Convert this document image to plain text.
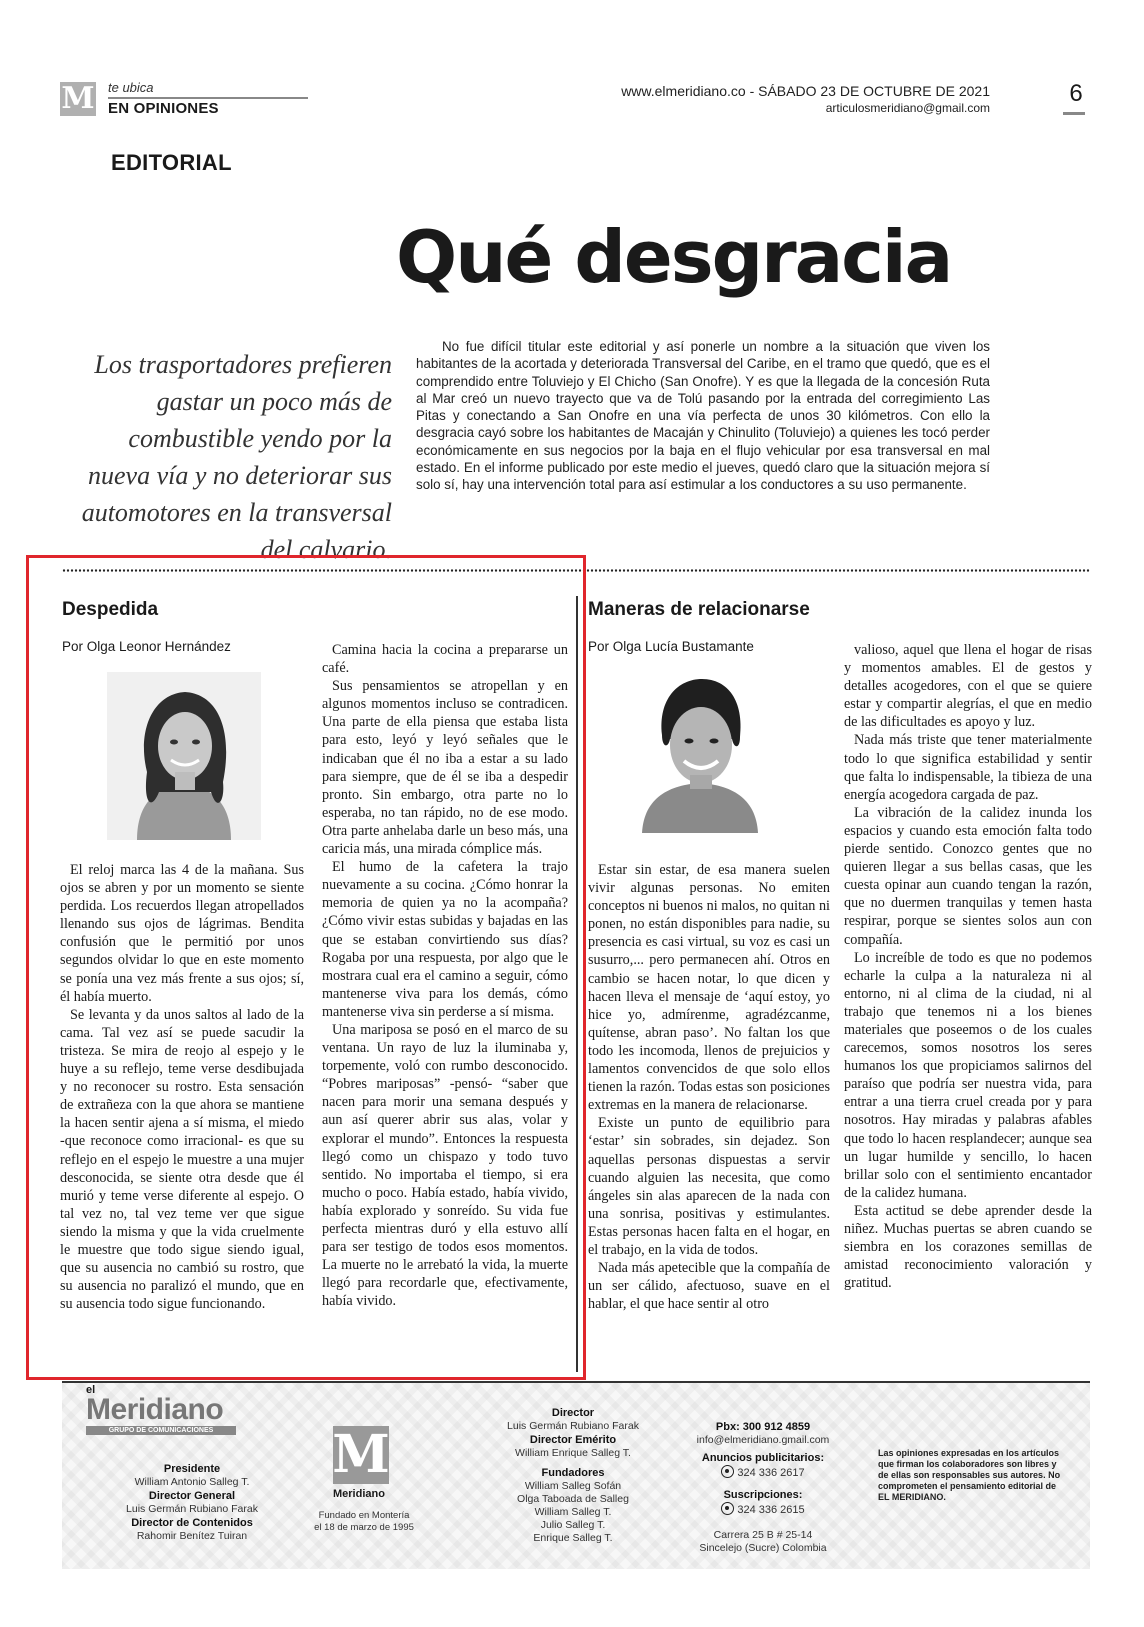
M te ubica
EN OPINIONES
www.elmeridiano.co - SÁBADO 23 DE OCTUBRE DE 2021
articulosmeridiano@gmail.com
6
EDITORIAL
Qué desgracia
Los trasportadores prefieren gastar un poco más de combustible yendo por la nueva vía y no deteriorar sus automotores en la transversal del calvario.
No fue difícil titular este editorial y así ponerle un nombre a la situación que viven los habitantes de la acortada y deteriorada Transversal del Caribe, en el tramo que quedó, que es el comprendido entre Toluviejo y El Chicho (San Onofre). Y es que la llegada de la concesión Ruta al Mar creó un nuevo trayecto que va de Tolú pasando por la entrada del corregimiento Las Pitas y conectando a San Onofre en una vía perfecta de unos 30 kilómetros. Con ello la desgracia cayó sobre los habitantes de Macaján y Chinulito (Toluviejo) a quienes les tocó perder económicamente en sus negocios por la baja en el flujo vehicular por esa transversal en mal estado. En el informe publicado por este medio el jueves, quedó claro que la situación mejora sí solo sí, hay una intervención total para así estimular a los conductores a su uso permanente.
Despedida
Por Olga Leonor Hernández

El reloj marca las 4 de la mañana. Sus ojos se abren y por un momento se siente perdida. Los recuerdos llegan atropellados llenando sus ojos de lágrimas. Bendita confusión que le permitió por unos segundos olvidar lo que en este momento se ponía una vez más frente a sus ojos; sí, él había muerto.

Se levanta y da unos saltos al lado de la cama. Tal vez así se puede sacudir la tristeza. Se mira de reojo al espejo y le huye a su reflejo, teme verse desdibujada y no reconocer su rostro. Esta sensación de extrañeza con la que ahora se mantiene la hacen sentir ajena a sí misma, el miedo -que reconoce como irracional- es que su reflejo en el espejo le muestre a una mujer desconocida, se siente otra desde que él murió y teme verse diferente al espejo. O tal vez no, tal vez teme ver que sigue siendo la misma y que la vida cruelmente le muestre que todo sigue siendo igual, que su ausencia no cambió su rostro, que su ausencia no paralizó el mundo, que en su ausencia todo sigue funcionando.

Camina hacia la cocina a prepararse un café.

Sus pensamientos se atropellan y en algunos momentos incluso se contradicen. Una parte de ella piensa que estaba lista para esto, leyó y leyó señales que le indicaban que él no iba a estar a su lado para siempre, que de él se iba a despedir pronto. Sin embargo, otra parte no lo esperaba, no tan rápido, no de ese modo. Otra parte anhelaba darle un beso más, una caricia más, una mirada cómplice más.

El humo de la cafetera la trajo nuevamente a su cocina. ¿Cómo honrar la memoria de quien ya no la acompaña? ¿Cómo vivir estas subidas y bajadas en las que se estaban convirtiendo sus días? Rogaba por una respuesta, por algo que le mostrara cual era el camino a seguir, cómo mantenerse viva para los demás, cómo mantenerse viva sin perderse a sí misma.

Una mariposa se posó en el marco de su ventana. Un rayo de luz la iluminaba y, torpemente, voló con rumbo desconocido. “Pobres mariposas” -pensó- “saber que nacen para morir una semana después y aun así querer abrir sus alas, volar y explorar el mundo”. Entonces la respuesta llegó como un chispazo y todo tuvo sentido. No importaba el tiempo, si era mucho o poco. Había estado, había vivido, había explorado y sonreído. Su vida fue perfecta mientras duró y ella estuvo allí para ser testigo de todos esos momentos. La muerte no le arrebató la vida, la muerte llegó para recordarle que, efectivamente, había vivido.

Maneras de relacionarse
Por Olga Lucía Bustamante

Estar sin estar, de esa manera suelen vivir algunas personas. No emiten conceptos ni buenos ni malos, no quitan ni ponen, no están disponibles para nadie, su presencia es casi virtual, su voz es casi un susurro,... pero permanecen ahí. Otros en cambio se hacen notar, lo que dicen y hacen lleva el mensaje de ‘aquí estoy, yo hice yo, admírenme, agradézcanme, quítense, abran paso’. No faltan los que todo les incomoda, llenos de prejuicios y lamentos convencidos de que solo ellos tienen la razón. Todas estas son posiciones extremas en la manera de relacionarse.

Existe un punto de equilibrio para ‘estar’ sin sobrades, sin dejadez. Son aquellas personas dispuestas a servir cuando alguien las necesita, que como ángeles sin alas aparecen de la nada con una sonrisa, positivas y estimulantes. Estas personas hacen falta en el hogar, en el trabajo, en la vida de todos.

Nada más apetecible que la compañía de un ser cálido, afectuoso, suave en el hablar, el que hace sentir al otro

valioso, aquel que llena el hogar de risas y momentos amables. El de gestos y detalles acogedores, con el que se quiere estar y compartir alegrías, el que en medio de las dificultades es apoyo y luz.

Nada más triste que tener materialmente todo lo que significa estabilidad y sentir que falta lo indispensable, la tibieza de una energía acogedora cargada de paz.

La vibración de la calidez inunda los espacios y cuando esta emoción falta todo pierde sentido. Conozco gentes que no quieren llegar a sus bellas casas, que les cuesta opinar aun cuando tengan la razón, que no duermen tranquilas y temen hasta respirar, porque se sientes solos aun con compañía.

Lo increíble de todo es que no podemos echarle la culpa a la naturaleza ni al entorno, ni al clima de la ciudad, ni al trabajo que tenemos ni a los bienes materiales que poseemos o de los cuales carecemos, somos nosotros los seres humanos los que propiciamos salirnos del paraíso que podría ser nuestra vida, para entrar a una tierra cruel creada por y para nosotros. Hay miradas y palabras afables que todo lo hacen resplandecer; aunque sea un lugar humilde y sencillo, lo hacen brillar solo con el sentimiento encantador de la calidez humana.

Esta actitud se debe aprender desde la niñez. Muchas puertas se abren cuando se siembra en los corazones semillas de amistad reconocimiento valoración y gratitud.

el
Meridiano
GRUPO DE COMUNICACIONES
Presidente
William Antonio Salleg T.
Director General
Luis Germán Rubiano Farak
Director de Contenidos
Rahomir Benítez Tuiran
M
Meridiano
Fundado en Montería
el 18 de marzo de 1995
Director
Luis Germán Rubiano Farak
Director Emérito
William Enrique Salleg T.
Fundadores
William Salleg Sofán
Olga Taboada de Salleg
William Salleg T.
Julio Salleg T.
Enrique Salleg T.
Pbx: 300 912 4859
info@elmeridiano.gmail.com
Anuncios publicitarios:
324 336 2617
Suscripciones:
324 336 2615
Carrera 25 B # 25-14
Sincelejo (Sucre) Colombia
Las opiniones expresadas en los artículos que firman los colaboradores son libres y de ellas son responsables sus autores. No comprometen el pensamiento editorial de EL MERIDIANO.
